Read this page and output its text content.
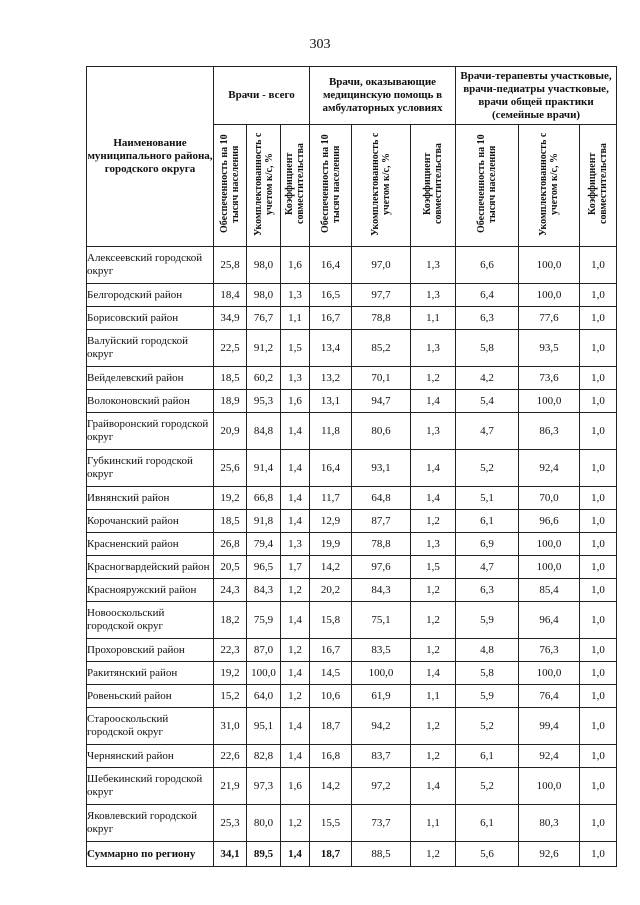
303
Наименование муниципального района, городского округа	Врачи - всего			Врачи, оказывающие медицинскую помощь в амбулаторных условиях			Врачи-терапевты участковые, врачи-педиатры участковые, врачи общей практики (семейные врачи)		
	Обеспеченность на 10 тысяч населения	Укомплектованность с учетом к/с, %	Коэффициент совместительства	Обеспеченность на 10 тысяч населения	Укомплектованность с учетом к/с, %	Коэффициент совместительства	Обеспеченность на 10 тысяч населения	Укомплектованность с учетом к/с, %	Коэффициент совместительства
Алексеевский городской округ	25,8	98,0	1,6	16,4	97,0	1,3	6,6	100,0	1,0
Белгородский район	18,4	98,0	1,3	16,5	97,7	1,3	6,4	100,0	1,0
Борисовский район	34,9	76,7	1,1	16,7	78,8	1,1	6,3	77,6	1,0
Валуйский городской округ	22,5	91,2	1,5	13,4	85,2	1,3	5,8	93,5	1,0
Вейделевский район	18,5	60,2	1,3	13,2	70,1	1,2	4,2	73,6	1,0
Волоконовский район	18,9	95,3	1,6	13,1	94,7	1,4	5,4	100,0	1,0
Грайворонский городской округ	20,9	84,8	1,4	11,8	80,6	1,3	4,7	86,3	1,0
Губкинский городской округ	25,6	91,4	1,4	16,4	93,1	1,4	5,2	92,4	1,0
Ивнянский район	19,2	66,8	1,4	11,7	64,8	1,4	5,1	70,0	1,0
Корочанский район	18,5	91,8	1,4	12,9	87,7	1,2	6,1	96,6	1,0
Красненский район	26,8	79,4	1,3	19,9	78,8	1,3	6,9	100,0	1,0
Красногвардейский район	20,5	96,5	1,7	14,2	97,6	1,5	4,7	100,0	1,0
Краснояружский район	24,3	84,3	1,2	20,2	84,3	1,2	6,3	85,4	1,0
Новооскольский городской округ	18,2	75,9	1,4	15,8	75,1	1,2	5,9	96,4	1,0
Прохоровский район	22,3	87,0	1,2	16,7	83,5	1,2	4,8	76,3	1,0
Ракитянский район	19,2	100,0	1,4	14,5	100,0	1,4	5,8	100,0	1,0
Ровеньский район	15,2	64,0	1,2	10,6	61,9	1,1	5,9	76,4	1,0
Старооскольский городской округ	31,0	95,1	1,4	18,7	94,2	1,2	5,2	99,4	1,0
Чернянский район	22,6	82,8	1,4	16,8	83,7	1,2	6,1	92,4	1,0
Шебекинский городской округ	21,9	97,3	1,6	14,2	97,2	1,4	5,2	100,0	1,0
Яковлевский городской округ	25,3	80,0	1,2	15,5	73,7	1,1	6,1	80,3	1,0
Суммарно по региону	34,1	89,5	1,4	18,7	88,5	1,2	5,6	92,6	1,0
